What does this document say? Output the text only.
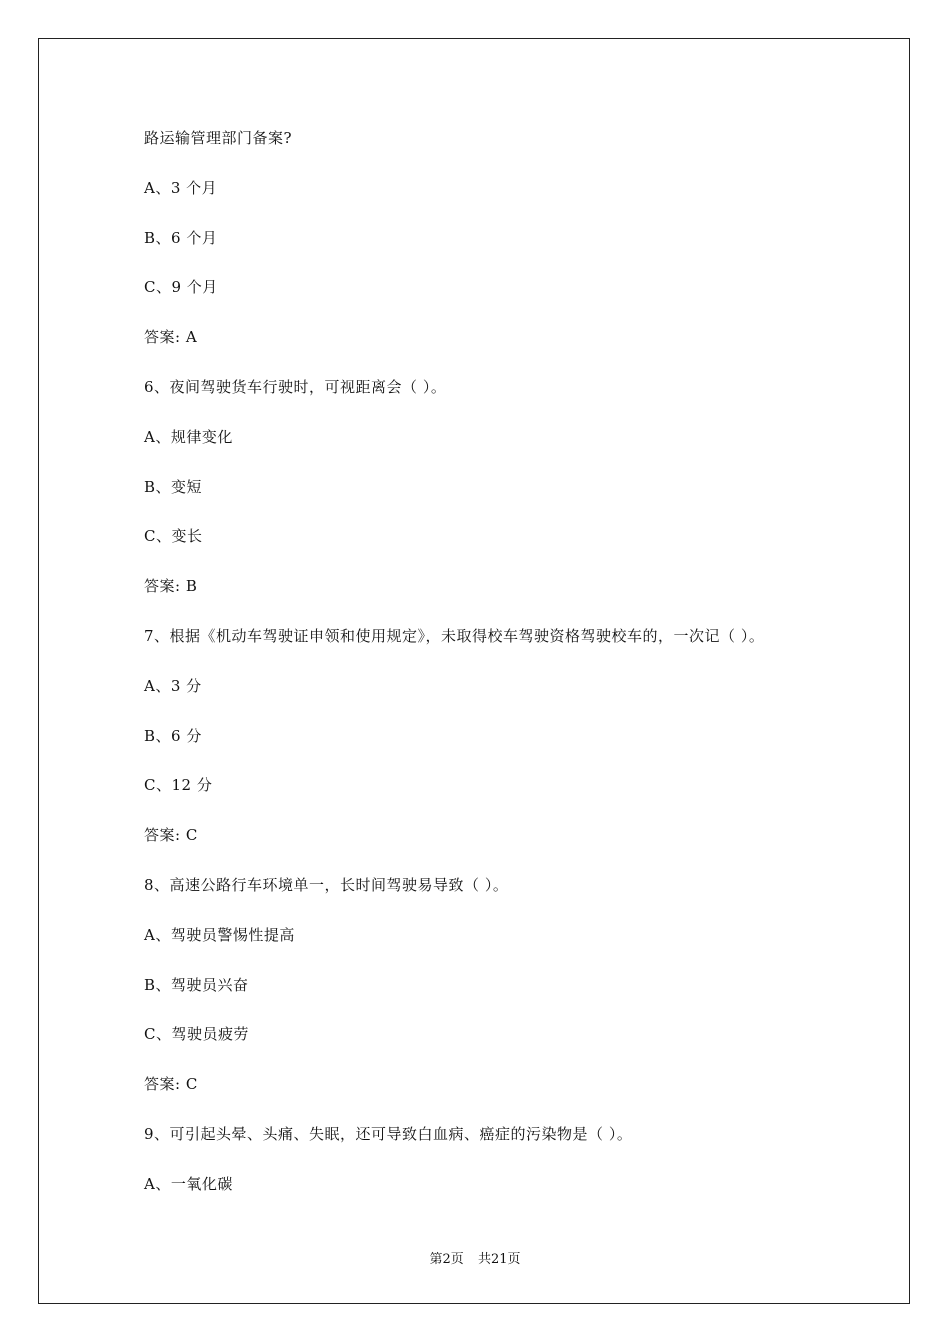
路运输管理部门备案?
A、3 个月
B、6 个月
C、9 个月
答案: A
6、夜间驾驶货车行驶时，可视距离会（ ）。
A、规律变化
B、变短
C、变长
答案: B
7、根据《机动车驾驶证申领和使用规定》，未取得校车驾驶资格驾驶校车的，一次记（ ）。
A、3 分
B、6 分
C、12 分
答案: C
8、高速公路行车环境单一，长时间驾驶易导致（ ）。
A、驾驶员警惕性提高
B、驾驶员兴奋
C、驾驶员疲劳
答案: C
9、可引起头晕、头痛、失眠，还可导致白血病、癌症的污染物是（ ）。
A、一氧化碳
第2页 共21页
